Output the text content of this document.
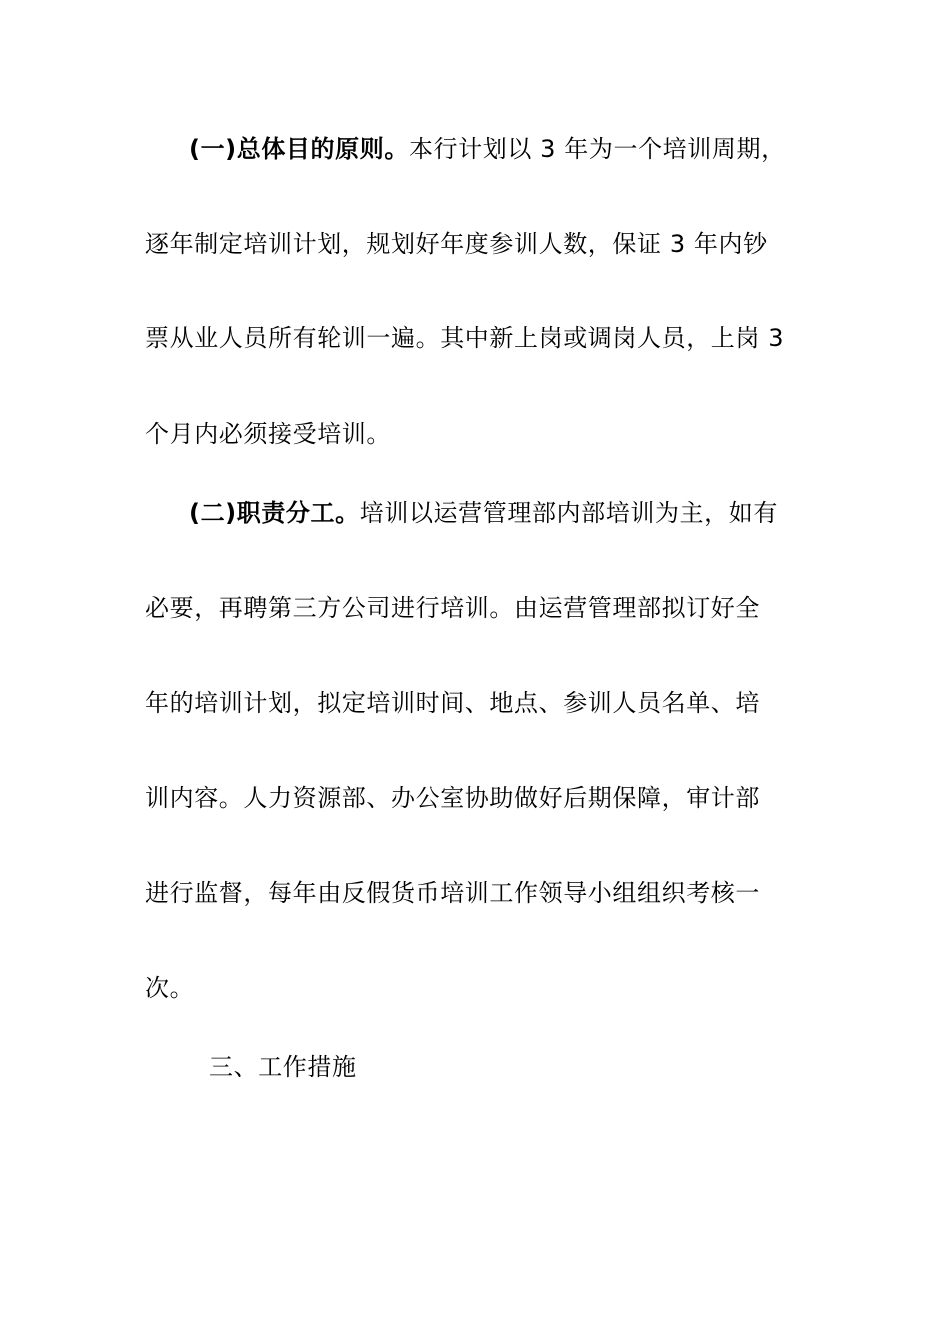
(一)总体目的原则。本行计划以 3 年为一个培训周期，
逐年制定培训计划，规划好年度参训人数，保证 3 年内钞
票从业人员所有轮训一遍。其中新上岗或调岗人员，上岗 3
个月内必须接受培训。
(二)职责分工。培训以运营管理部内部培训为主，如有
必要，再聘第三方公司进行培训。由运营管理部拟订好全
年的培训计划，拟定培训时间、地点、参训人员名单、培
训内容。人力资源部、办公室协助做好后期保障，审计部
进行监督，每年由反假货币培训工作领导小组组织考核一
次。
三、工作措施
